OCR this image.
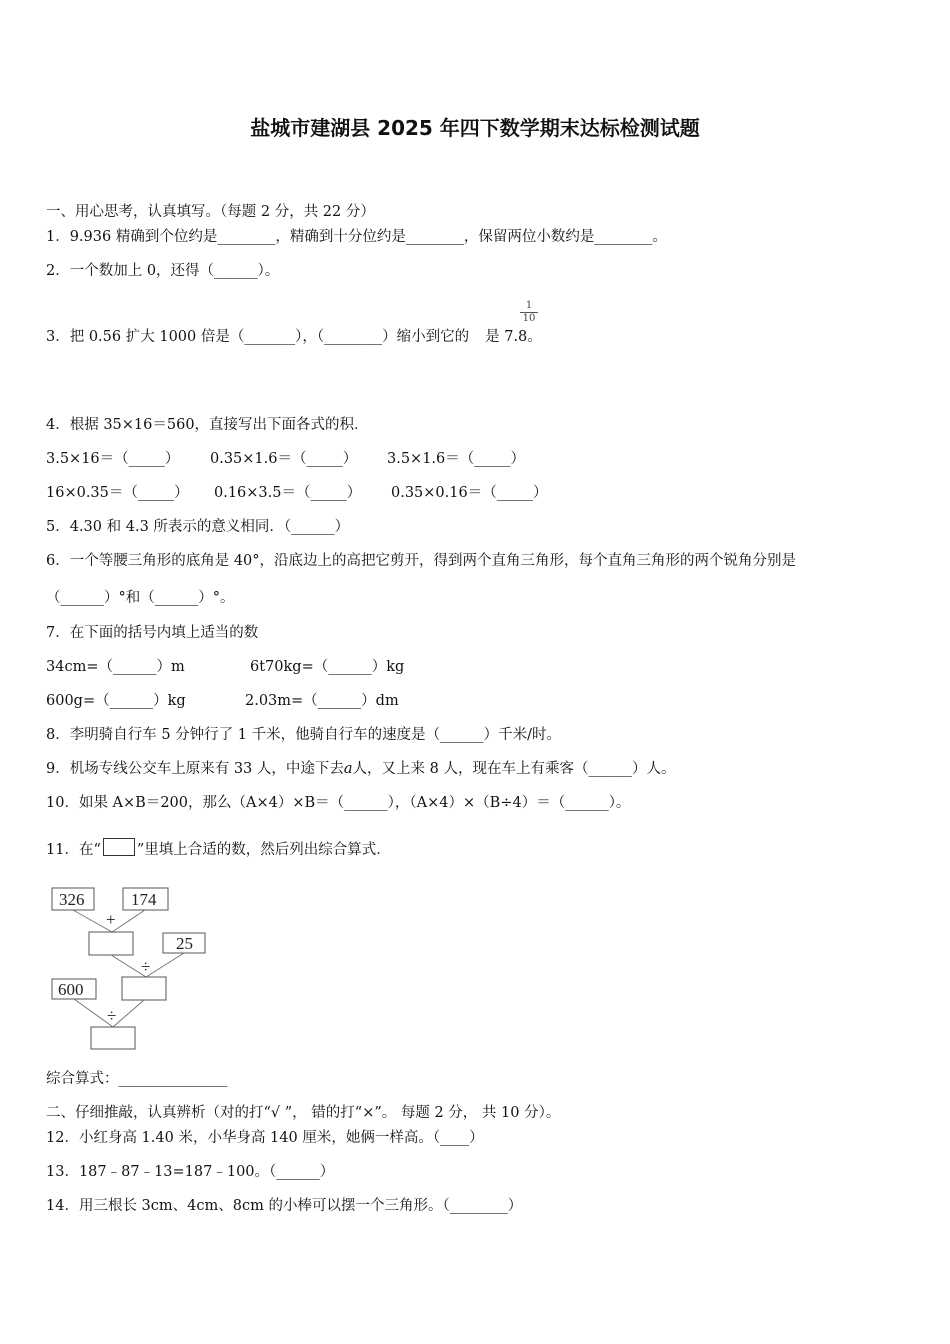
盐城市建湖县 2025 年四下数学期末达标检测试题
一、用心思考，认真填写。（每题 2 分，共 22 分）
1．9.936 精确到个位约是________，精确到十分位约是________，保留两位小数约是________。
2．一个数加上 0，还得（______）。
3．把 0.56 扩大 1000 倍是（_______），（________）缩小到它的 是 7.8。
$\frac{1}{10}$
4．根据 35×16＝560，直接写出下面各式的积．
3.5×16＝（_____） 0.35×1.6＝（_____） 3.5×1.6＝（_____）
16×0.35＝（_____） 0.16×3.5＝（_____） 0.35×0.16＝（_____）
5．4.30 和 4.3 所表示的意义相同．（______）
6．一个等腰三角形的底角是 40°，沿底边上的高把它剪开，得到两个直角三角形，每个直角三角形的两个锐角分别是
（______）°和（______）°。
7．在下面的括号内填上适当的数
34cm=（______）m	6t70kg=（______）kg
600g=（______）kg	2.03m=（______）dm
8．李明骑自行车 5 分钟行了 1 千米，他骑自行车的速度是（______）千米/时。
9．机场专线公交车上原来有 33 人，中途下去a人，又上来 8 人，现在车上有乘客（______）人。
10．如果 A×B＝200，那么（A×4）×B＝（______），（A×4）×（B÷4）＝（______）。
11．在“ ”里填上合适的数，然后列出综合算式．
326	174
+
25
÷
600
÷
综合算式：_______________
二、仔细推敲，认真辨析（对的打“√ ”， 错的打“×”。 每题 2 分， 共 10 分）。
12．小红身高 1.40 米，小华身高 140 厘米，她俩一样高。（____）
13．187﹣87﹣13=187﹣100。（______）
14．用三根长 3cm、4cm、8cm 的小棒可以摆一个三角形。（________）
